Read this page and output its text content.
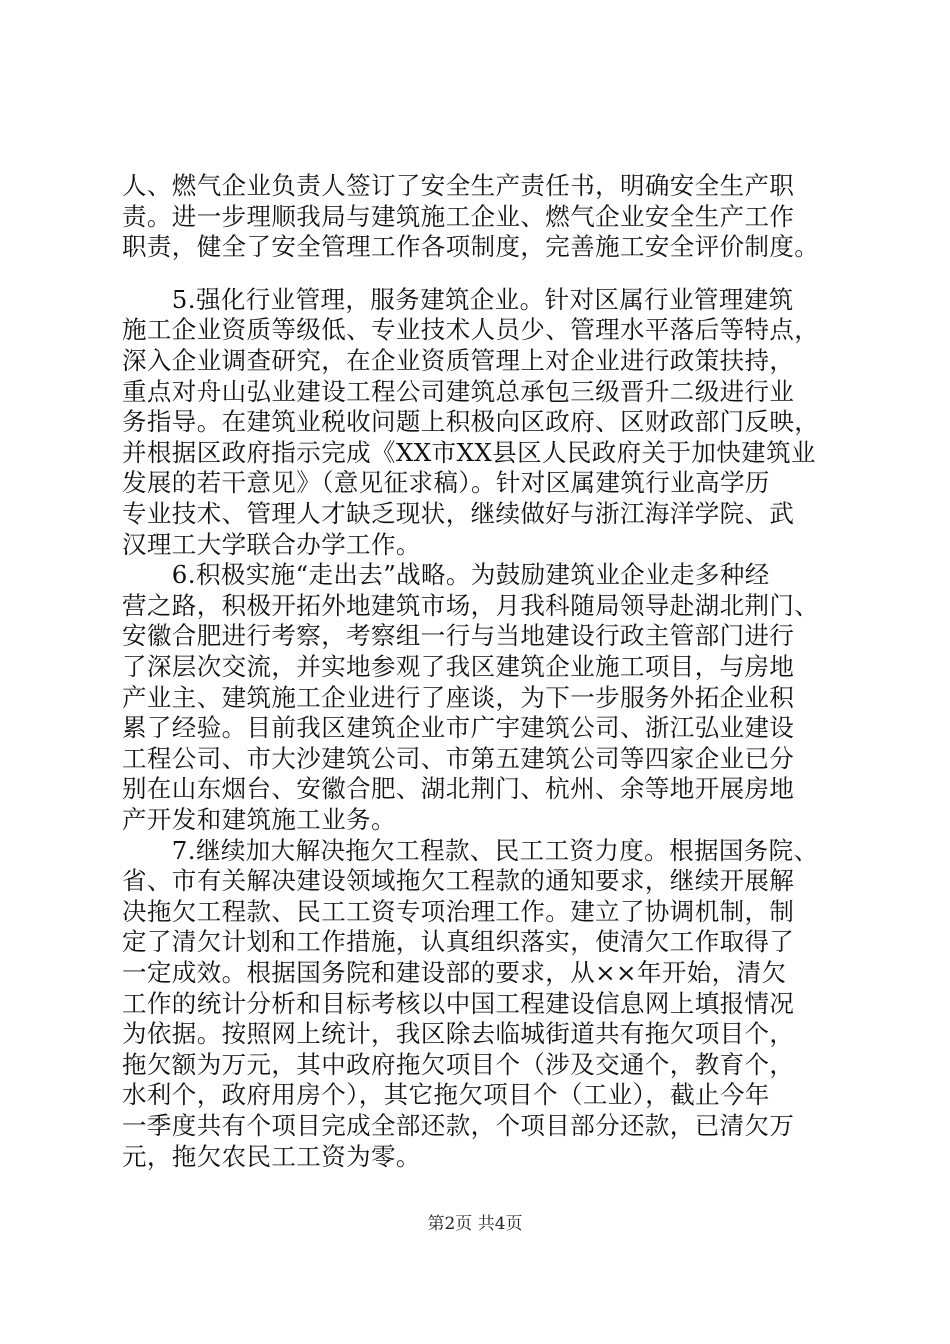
人、燃气企业负责人签订了安全生产责任书，明确安全生产职
责。进一步理顺我局与建筑施工企业、燃气企业安全生产工作
职责，健全了安全管理工作各项制度，完善施工安全评价制度。
　　5.强化行业管理，服务建筑企业。针对区属行业管理建筑
施工企业资质等级低、专业技术人员少、管理水平落后等特点，
深入企业调查研究，在企业资质管理上对企业进行政策扶持，
重点对舟山弘业建设工程公司建筑总承包三级晋升二级进行业
务指导。在建筑业税收问题上积极向区政府、区财政部门反映，
并根据区政府指示完成《XX市XX县区人民政府关于加快建筑业
发展的若干意见》（意见征求稿）。针对区属建筑行业高学历
专业技术、管理人才缺乏现状，继续做好与浙江海洋学院、武
汉理工大学联合办学工作。
　　6.积极实施“走出去”战略。为鼓励建筑业企业走多种经
营之路，积极开拓外地建筑市场，月我科随局领导赴湖北荆门、
安徽合肥进行考察，考察组一行与当地建设行政主管部门进行
了深层次交流，并实地参观了我区建筑企业施工项目，与房地
产业主、建筑施工企业进行了座谈，为下一步服务外拓企业积
累了经验。目前我区建筑企业市广宇建筑公司、浙江弘业建设
工程公司、市大沙建筑公司、市第五建筑公司等四家企业已分
别在山东烟台、安徽合肥、湖北荆门、杭州、余等地开展房地
产开发和建筑施工业务。
　　7.继续加大解决拖欠工程款、民工工资力度。根据国务院、
省、市有关解决建设领域拖欠工程款的通知要求，继续开展解
决拖欠工程款、民工工资专项治理工作。建立了协调机制，制
定了清欠计划和工作措施，认真组织落实，使清欠工作取得了
一定成效。根据国务院和建设部的要求，从××年开始，清欠
工作的统计分析和目标考核以中国工程建设信息网上填报情况
为依据。按照网上统计，我区除去临城街道共有拖欠项目个，
拖欠额为万元，其中政府拖欠项目个（涉及交通个，教育个，
水利个，政府用房个），其它拖欠项目个（工业），截止今年
一季度共有个项目完成全部还款，个项目部分还款，已清欠万
元，拖欠农民工工资为零。
第2页 共4页
